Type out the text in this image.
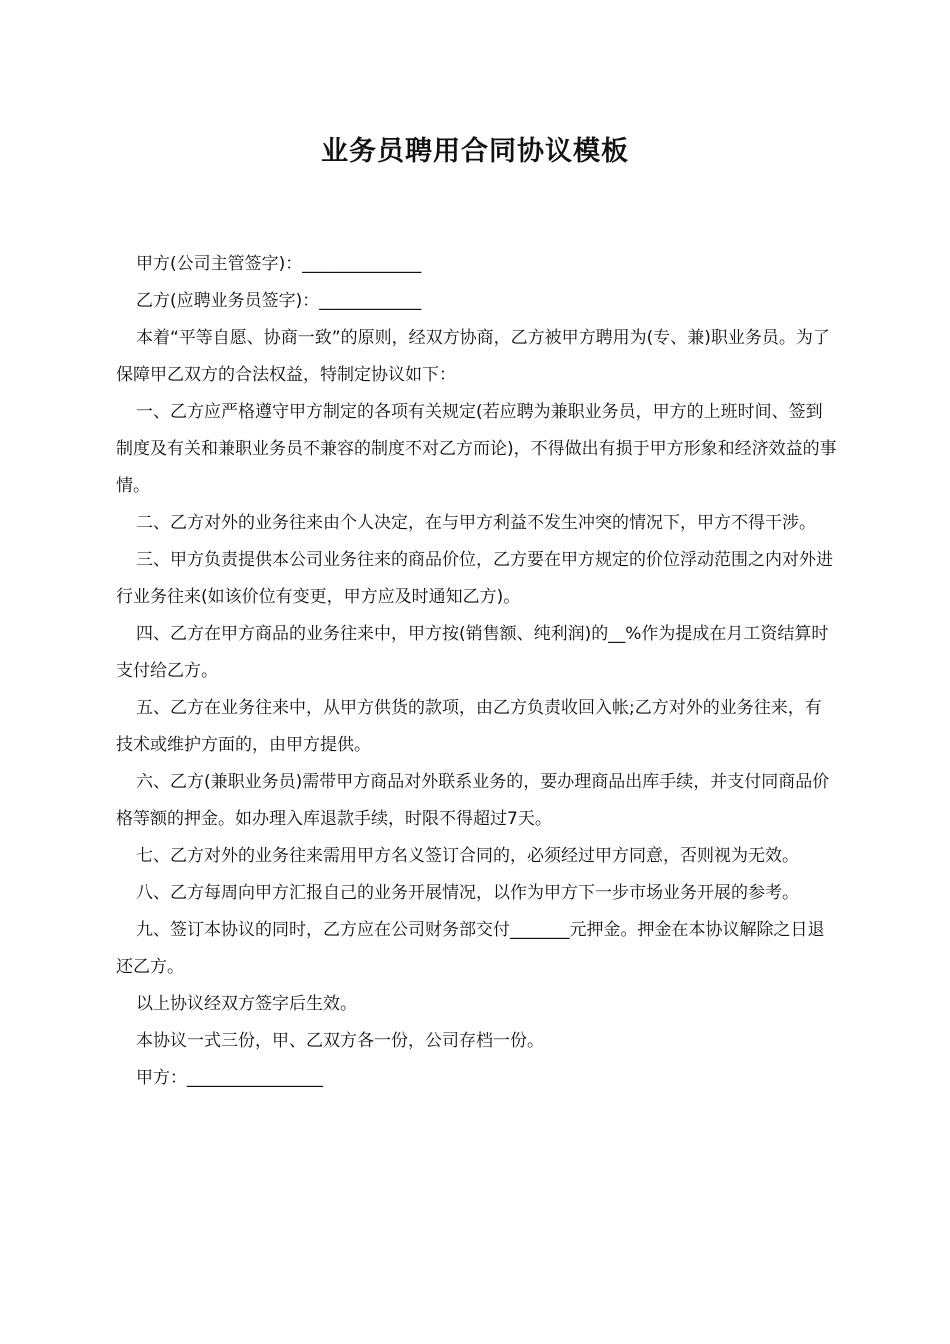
业务员聘用合同协议模板

甲方(公司主管签字)：______________

乙方(应聘业务员签字)：____________

本着“平等自愿、协商一致”的原则，经双方协商，乙方被甲方聘用为(专、兼)职业务员。为了保障甲乙双方的合法权益，特制定协议如下：

一、乙方应严格遵守甲方制定的各项有关规定(若应聘为兼职业务员，甲方的上班时间、签到制度及有关和兼职业务员不兼容的制度不对乙方而论)，不得做出有损于甲方形象和经济效益的事情。

二、乙方对外的业务往来由个人决定，在与甲方利益不发生冲突的情况下，甲方不得干涉。

三、甲方负责提供本公司业务往来的商品价位，乙方要在甲方规定的价位浮动范围之内对外进行业务往来(如该价位有变更，甲方应及时通知乙方)。

四、乙方在甲方商品的业务往来中，甲方按(销售额、纯利润)的__%作为提成在月工资结算时支付给乙方。

五、乙方在业务往来中，从甲方供货的款项，由乙方负责收回入帐;乙方对外的业务往来，有技术或维护方面的，由甲方提供。

六、乙方(兼职业务员)需带甲方商品对外联系业务的，要办理商品出库手续，并支付同商品价格等额的押金。如办理入库退款手续，时限不得超过7天。

七、乙方对外的业务往来需用甲方名义签订合同的，必须经过甲方同意，否则视为无效。

八、乙方每周向甲方汇报自己的业务开展情况，以作为甲方下一步市场业务开展的参考。

九、签订本协议的同时，乙方应在公司财务部交付_______元押金。押金在本协议解除之日退还乙方。

以上协议经双方签字后生效。

本协议一式三份，甲、乙双方各一份，公司存档一份。

甲方：________________
